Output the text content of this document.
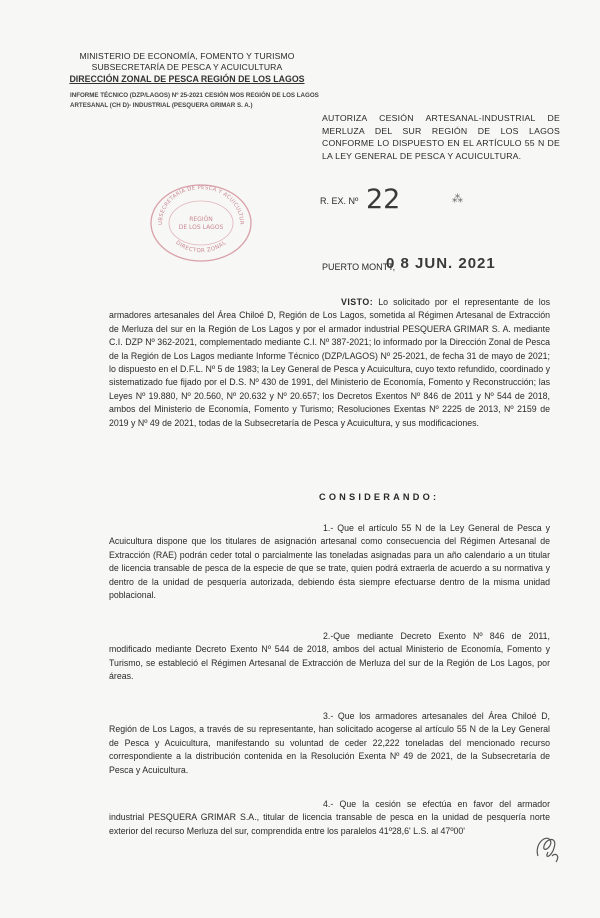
MINISTERIO DE ECONOMÍA, FOMENTO Y TURISMO
SUBSECRETARÍA DE PESCA Y ACUICULTURA
DIRECCIÓN ZONAL DE PESCA REGIÓN DE LOS LAGOS
INFORME TÉCNICO (DZP/LAGOS) Nº 25-2021 CESIÓN MOS REGIÓN DE LOS LAGOS ARTESANAL (CH D)- INDUSTRIAL (PESQUERA GRIMAR S. A.)
AUTORIZA CESIÓN ARTESANAL-INDUSTRIAL DE MERLUZA DEL SUR REGIÓN DE LOS LAGOS CONFORME LO DISPUESTO EN EL ARTÍCULO 55 N DE LA LEY GENERAL DE PESCA Y ACUICULTURA.
UBSECRETARÍA DE PESCA Y ACUICULTUR
REGIÓN
DE LOS LAGOS
DIRECTOR ZONAL
R. EX. Nº 22	⁂
PUERTO MONTT,
0 8 JUN. 2021
VISTO: Lo solicitado por el representante de los armadores artesanales del Área Chiloé D, Región de Los Lagos, sometida al Régimen Artesanal de Extracción de Merluza del sur en la Región de Los Lagos y por el armador industrial PESQUERA GRIMAR S. A. mediante C.I. DZP Nº 362-2021, complementado mediante C.I. Nº 387-2021; lo informado por la Dirección Zonal de Pesca de la Región de Los Lagos mediante Informe Técnico (DZP/LAGOS) Nº 25-2021, de fecha 31 de mayo de 2021; lo dispuesto en el D.F.L. Nº 5 de 1983; la Ley General de Pesca y Acuicultura, cuyo texto refundido, coordinado y sistematizado fue fijado por el D.S. Nº 430 de 1991, del Ministerio de Economía, Fomento y Reconstrucción; las Leyes Nº 19.880, Nº 20.560, Nº 20.632 y Nº 20.657; los Decretos Exentos Nº 846 de 2011 y Nº 544 de 2018, ambos del Ministerio de Economía, Fomento y Turismo; Resoluciones Exentas Nº 2225 de 2013, Nº 2159 de 2019 y Nº 49 de 2021, todas de la Subsecretaría de Pesca y Acuicultura, y sus modificaciones.
CONSIDERANDO:
1.- Que el artículo 55 N de la Ley General de Pesca y Acuicultura dispone que los titulares de asignación artesanal como consecuencia del Régimen Artesanal de Extracción (RAE) podrán ceder total o parcialmente las toneladas asignadas para un año calendario a un titular de licencia transable de pesca de la especie de que se trate, quien podrá extraerla de acuerdo a su normativa y dentro de la unidad de pesquería autorizada, debiendo ésta siempre efectuarse dentro de la misma unidad poblacional.
2.-Que mediante Decreto Exento Nº 846 de 2011, modificado mediante Decreto Exento Nº 544 de 2018, ambos del actual Ministerio de Economía, Fomento y Turismo, se estableció el Régimen Artesanal de Extracción de Merluza del sur de la Región de Los Lagos, por áreas.
3.- Que los armadores artesanales del Área Chiloé D, Región de Los Lagos, a través de su representante, han solicitado acogerse al artículo 55 N de la Ley General de Pesca y Acuicultura, manifestando su voluntad de ceder 22,222 toneladas del mencionado recurso correspondiente a la distribución contenida en la Resolución Exenta Nº 49 de 2021, de la Subsecretaría de Pesca y Acuicultura.
4.- Que la cesión se efectúa en favor del armador industrial PESQUERA GRIMAR S.A., titular de licencia transable de pesca en la unidad de pesquería norte exterior del recurso Merluza del sur, comprendida entre los paralelos 41º28,6' L.S. al 47º00'
